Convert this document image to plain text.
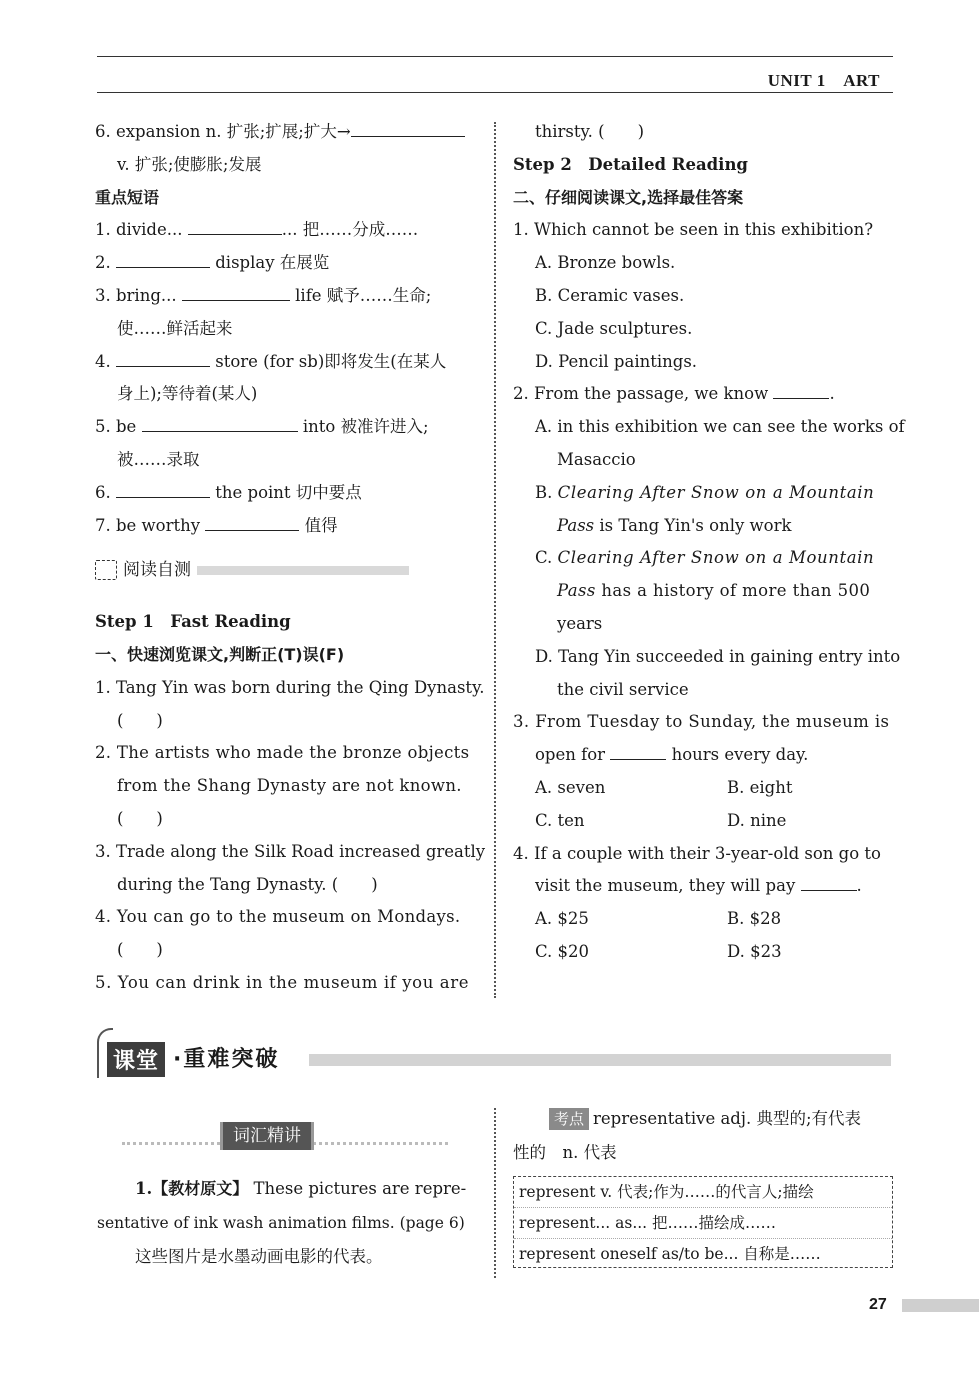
UNIT 1　ART
6. expansion n. 扩张;扩展;扩大→
v. 扩张;使膨胀;发展
重点短语
1. divide...	... 把……分成……
2.	display 在展览
3. bring...	life 赋予……生命;
使……鲜活起来
4.	store (for sb)即将发生(在某人
身上);等待着(某人)
5. be	into 被准许进入;
被……录取
6.	the point 切中要点
7. be worthy	值得
阅读自测
Step 1　Fast Reading
一、快速浏览课文,判断正(T)误(F)
1. Tang Yin was born during the Qing Dynasty.
(　　)
2. The artists who made the bronze objects
from the Shang Dynasty are not known.
(　　)
3. Trade along the Silk Road increased greatly
during the Tang Dynasty. (　　)
4. You can go to the museum on Mondays.
(　　)
5. You can drink in the museum if you are
thirsty. (　　)
Step 2　Detailed Reading
二、仔细阅读课文,选择最佳答案
1. Which cannot be seen in this exhibition?
A. Bronze bowls.
B. Ceramic vases.
C. Jade sculptures.
D. Pencil paintings.
2. From the passage, we know	.
A. in this exhibition we can see the works of
Masaccio
B. Clearing After Snow on a Mountain
Pass is Tang Yin's only work
C. Clearing After Snow on a Mountain
Pass has a history of more than 500
years
D. Tang Yin succeeded in gaining entry into
the civil service
3. From Tuesday to Sunday, the museum is
open for	hours every day.
A. seven	B. eight
C. ten	D. nine
4. If a couple with their 3-year-old son go to
visit the museum, they will pay	.
A. $25	B. $28
C. $20	D. $23
课堂 ·重难突破
词汇精讲
1.【教材原文】 These pictures are repre-
sentative of ink wash animation films. (page 6)
这些图片是水墨动画电影的代表。
考点 representative adj. 典型的;有代表
性的　n. 代表
represent v. 代表;作为……的代言人;描绘
represent... as... 把……描绘成……
represent oneself as/to be... 自称是……
27
